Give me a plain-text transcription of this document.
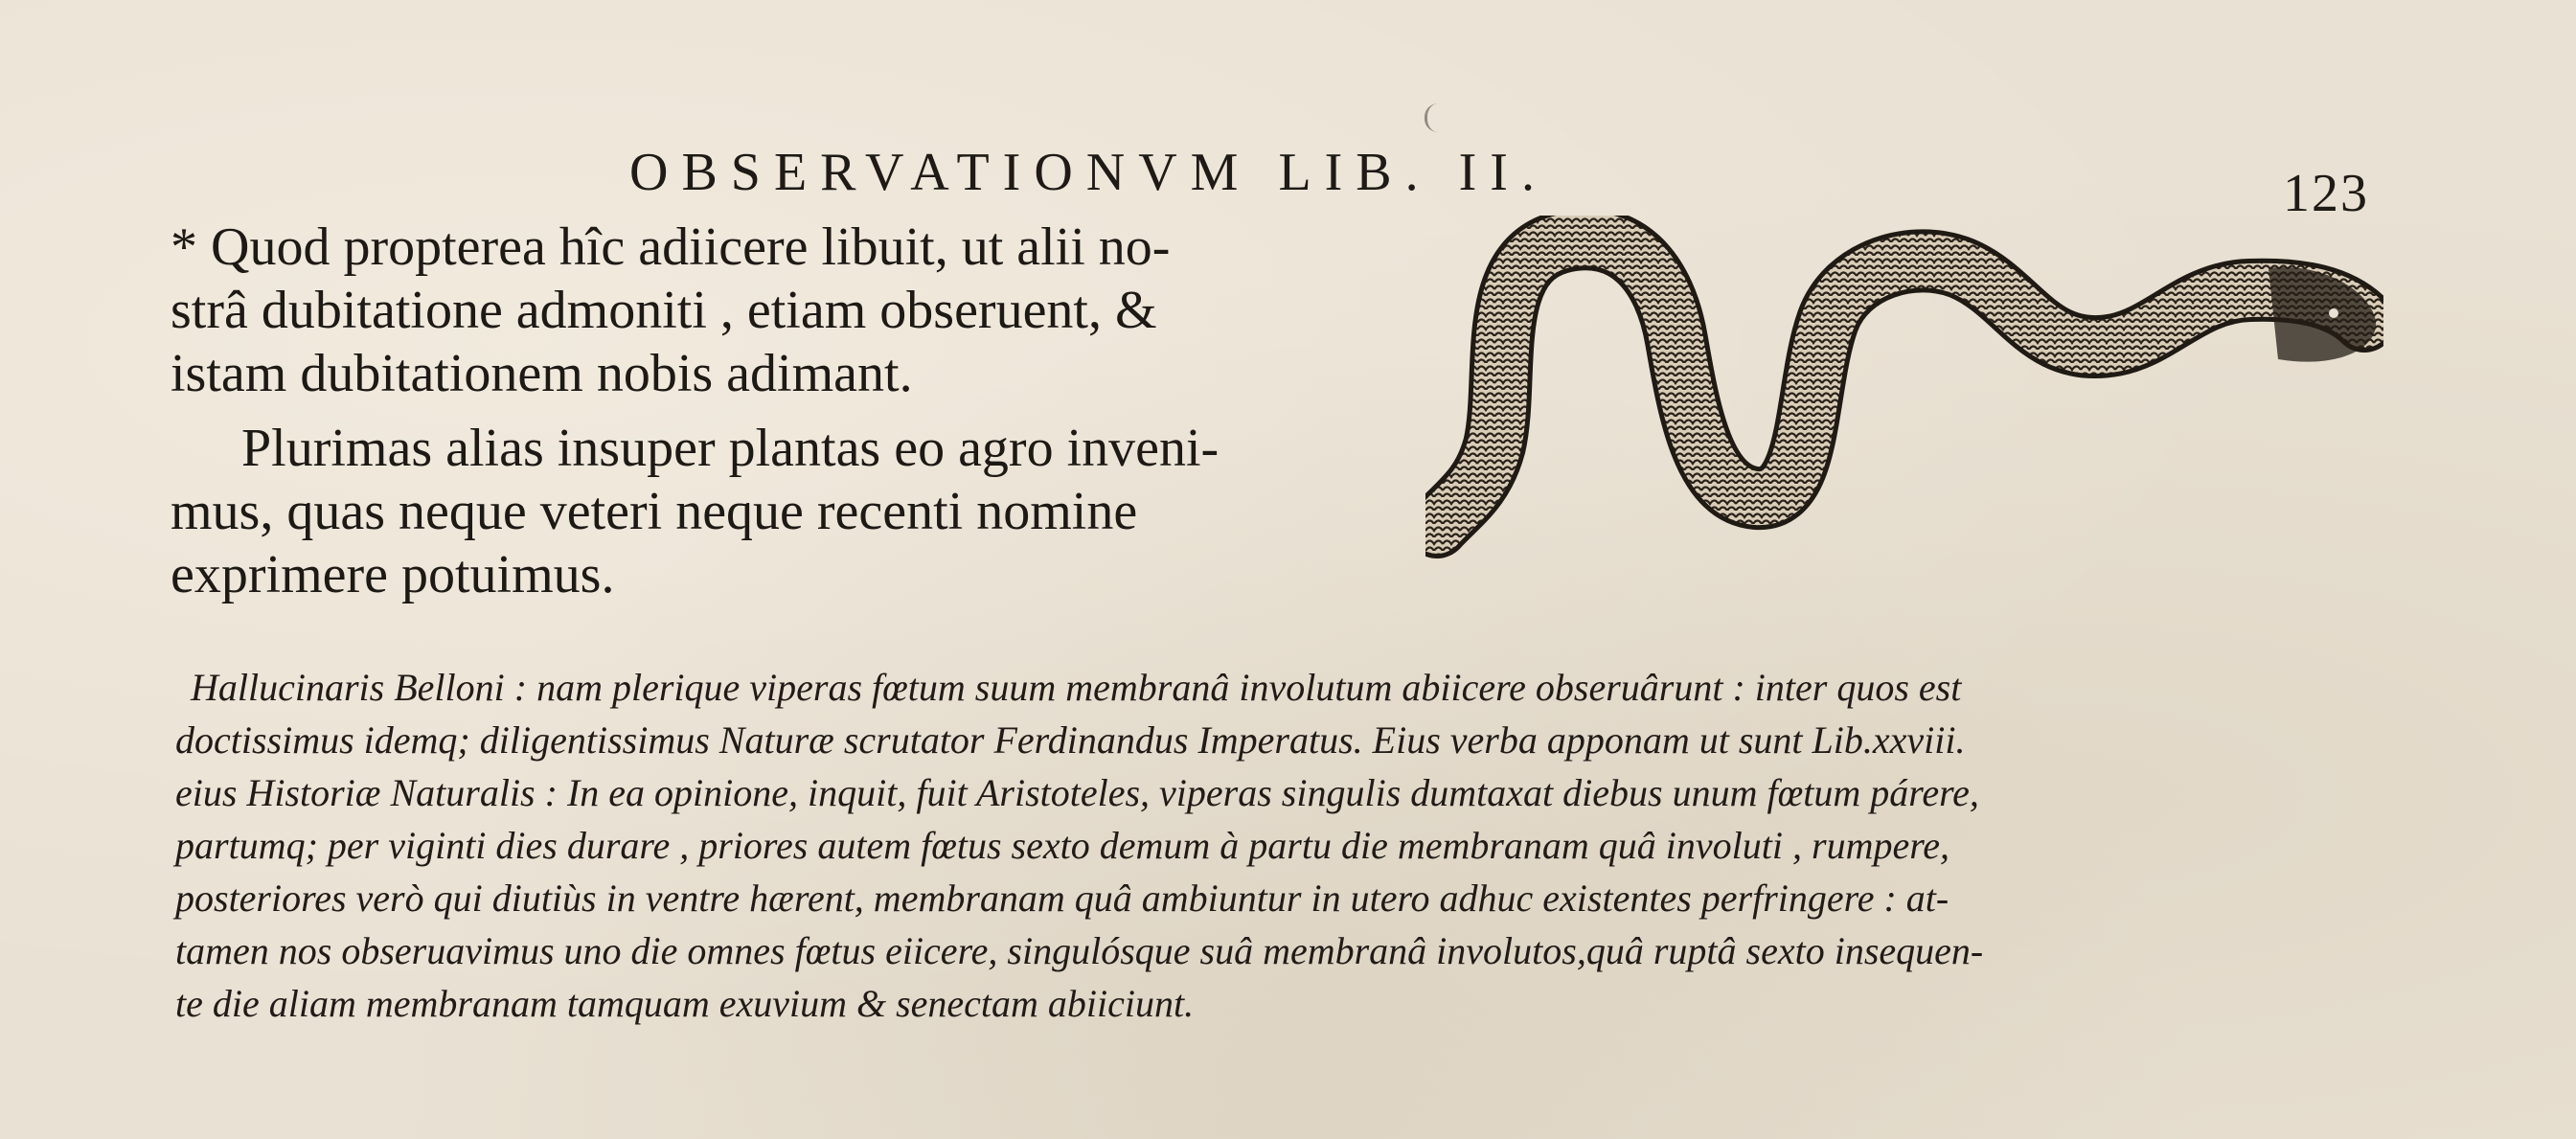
OBSERVATIONVM LIB. II.	123
* Quod propterea hîc adiicere libuit, ut alii no-
strâ dubitatione admoniti , etiam obseruent, &
istam dubitationem nobis adimant.
Plurimas alias insuper plantas eo agro inveni-
mus, quas neque veteri neque recenti nomine
exprimere potuimus.
Hallucinaris Belloni : nam plerique viperas fœtum suum membranâ involutum abiicere obseruârunt : inter quos est
doctissimus idemq; diligentissimus Naturæ scrutator Ferdinandus Imperatus. Eius verba apponam ut sunt Lib.xxviii.
eius Historiæ Naturalis : In ea opinione, inquit, fuit Aristoteles, viperas singulis dumtaxat diebus unum fœtum párere,
partumq; per viginti dies durare , priores autem fœtus sexto demum à partu die membranam quâ involuti , rumpere,
posteriores verò qui diutiùs in ventre hærent, membranam quâ ambiuntur in utero adhuc existentes perfringere : at-
tamen nos obseruavimus uno die omnes fœtus eiicere, singulósque suâ membranâ involutos,quâ ruptâ sexto insequen-
te die aliam membranam tamquam exuvium & senectam abiiciunt.
